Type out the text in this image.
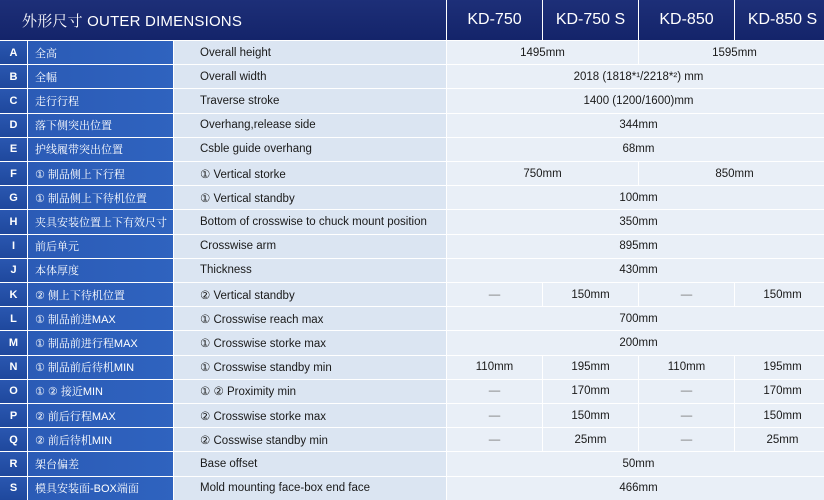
外形尺寸 OUTER DIMENSIONS	KD-750	KD-750 S	KD-850	KD-850 S
A	全高	Overall height	1495mm	1595mm
B	全幅	Overall width	2018 (1818*¹/2218*²) mm
C	走行行程	Traverse stroke	1400 (1200/1600)mm
D	落下侧突出位置	Overhang,release side	344mm
E	护线履带突出位置	Csble guide overhang	68mm
F	① 制品侧上下行程	① Vertical storke	750mm	850mm
G	① 制品侧上下待机位置	① Vertical standby	100mm
H	夹具安装位置上下有效尺寸	Bottom of crosswise to chuck mount position	350mm
I	前后单元	Crosswise arm	895mm
J	本体厚度	Thickness	430mm
K	② 侧上下待机位置	② Vertical standby	—	150mm	—	150mm
L	① 制品前进MAX	① Crosswise reach max	700mm
M	① 制品前进行程MAX	① Crosswise storke max	200mm
N	① 制品前后待机MIN	① Crosswise standby min	110mm	195mm	110mm	195mm
O	① ② 接近MIN	① ② Proximity min	—	170mm	—	170mm
P	② 前后行程MAX	② Crosswise storke max	—	150mm	—	150mm
Q	② 前后待机MIN	② Cosswise standby min	—	25mm	—	25mm
R	架台偏差	Base offset	50mm
S	模具安装面-BOX端面	Mold mounting face-box end face	466mm
